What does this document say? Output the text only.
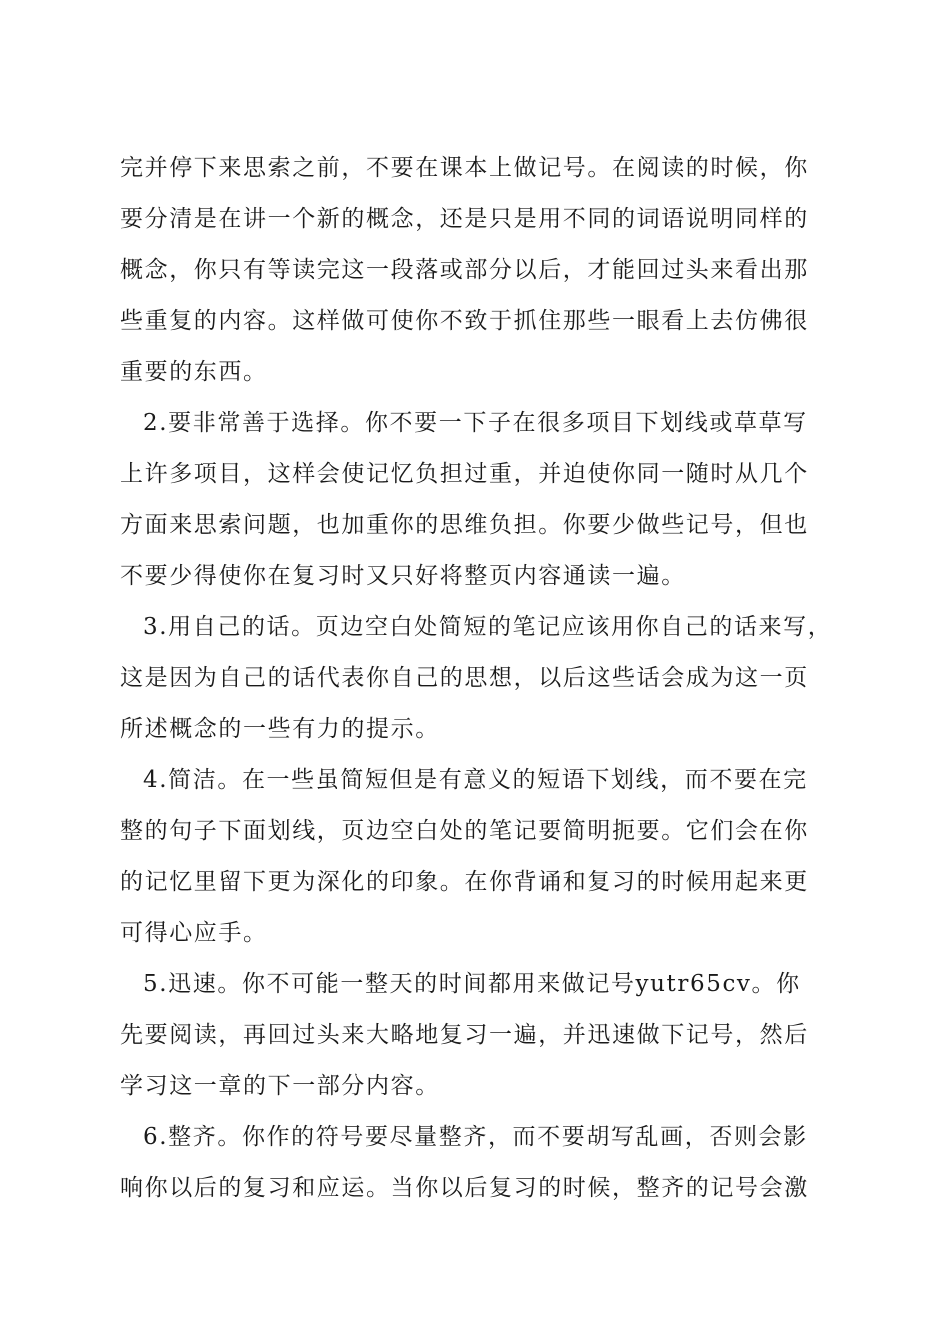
完并停下来思索之前，不要在课本上做记号。在阅读的时候，你
要分清是在讲一个新的概念，还是只是用不同的词语说明同样的
概念，你只有等读完这一段落或部分以后，才能回过头来看出那
些重复的内容。这样做可使你不致于抓住那些一眼看上去仿佛很
重要的东西。
2.要非常善于选择。你不要一下子在很多项目下划线或草草写
上许多项目，这样会使记忆负担过重，并迫使你同一随时从几个
方面来思索问题，也加重你的思维负担。你要少做些记号，但也
不要少得使你在复习时又只好将整页内容通读一遍。
3.用自己的话。页边空白处简短的笔记应该用你自己的话来写，
这是因为自己的话代表你自己的思想，以后这些话会成为这一页
所述概念的一些有力的提示。
4.简洁。在一些虽简短但是有意义的短语下划线，而不要在完
整的句子下面划线，页边空白处的笔记要简明扼要。它们会在你
的记忆里留下更为深化的印象。在你背诵和复习的时候用起来更
可得心应手。
5.迅速。你不可能一整天的时间都用来做记号yutr65cv。你
先要阅读，再回过头来大略地复习一遍，并迅速做下记号，然后
学习这一章的下一部分内容。
6.整齐。你作的符号要尽量整齐，而不要胡写乱画，否则会影
响你以后的复习和应运。当你以后复习的时候，整齐的记号会激
